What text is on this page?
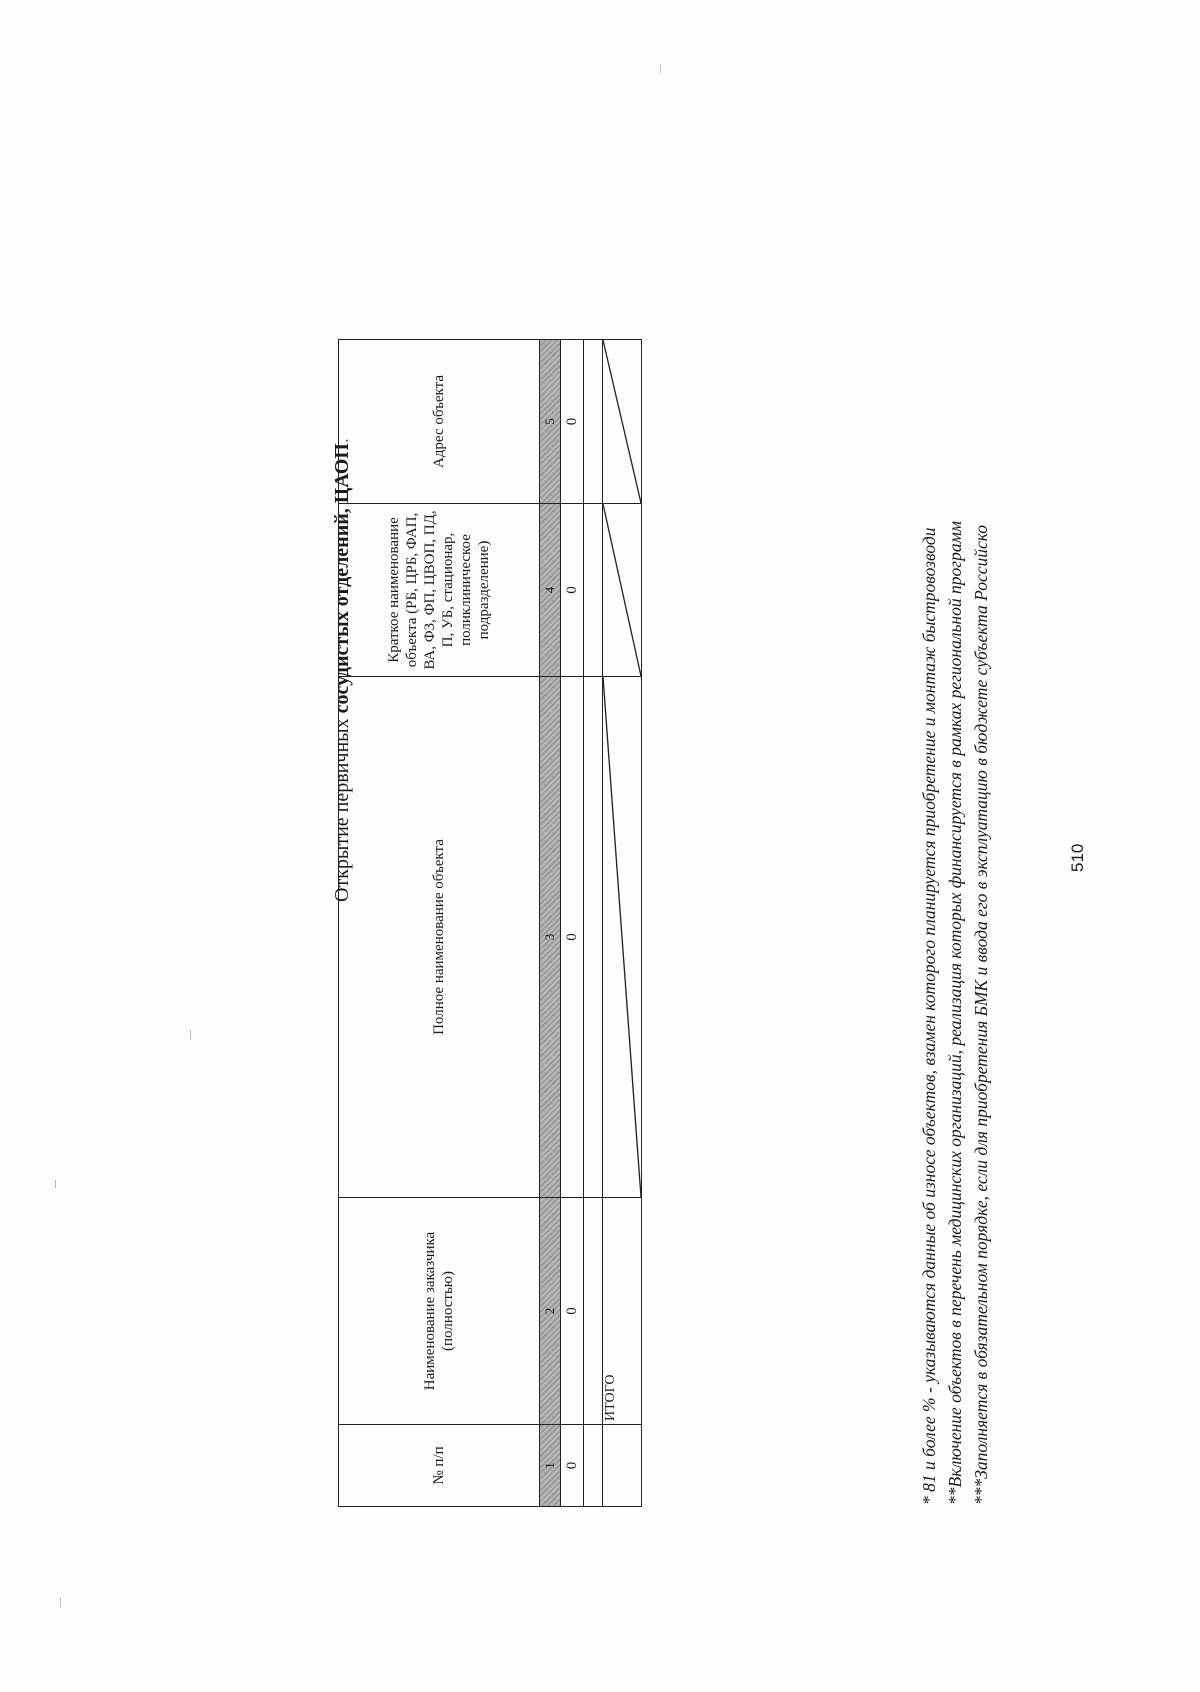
Открытие первичных сосудистых отделений, ЦАОП.
№ п/п	Наименование заказчика (полностью)	Полное наименование объекта	Краткое наименование объекта (РБ, ЦРБ, ФАП, ВА, ФЗ, ФП, ЦВОП, ПД, П, УБ, стационар, поликлиническое подразделение)	Адрес объекта
1	2	3	4	5
0	0	0	0	0

	ИТОГО	

		* 81 и более % - указываются данные об износе объектов, взамен которого планируется приобретение и монтаж быстровозводи **Включение объектов в перечень медицинских организаций, реализация которых финансируется в рамках региональной программ ***Заполняется в обязательном порядке, если для приобретения БМК и ввода его в эксплуатацию в бюджете субъекта Российско	510
